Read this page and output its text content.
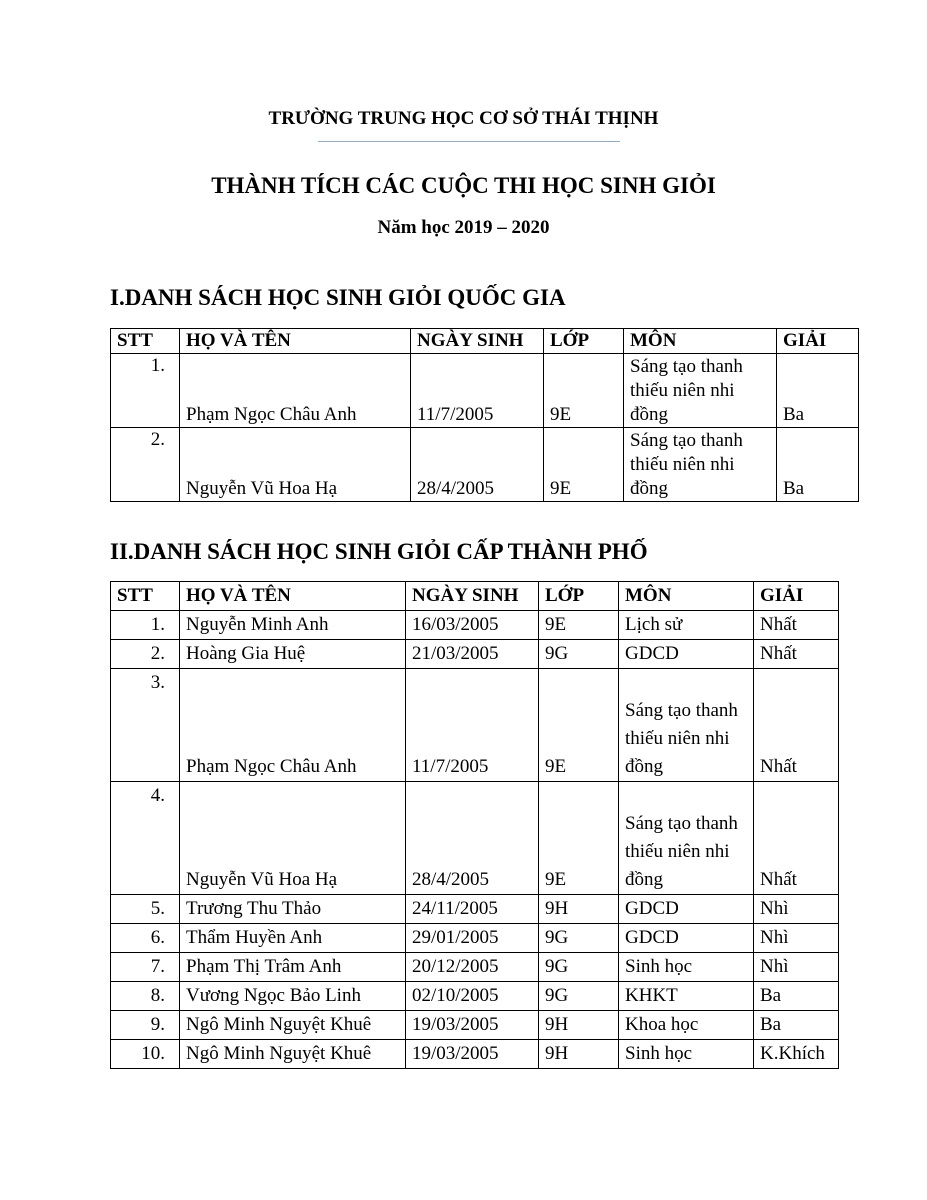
TRƯỜNG TRUNG HỌC CƠ SỞ THÁI THỊNH
THÀNH TÍCH CÁC CUỘC THI HỌC SINH GIỎI
Năm học 2019 – 2020
I.DANH SÁCH HỌC SINH GIỎI QUỐC GIA
STT	HỌ VÀ TÊN	NGÀY SINH	LỚP	MÔN	GIẢI
1.	Phạm Ngọc Châu Anh	11/7/2005	9E	Sáng tạo thanh thiếu niên nhi đồng	Ba
2.	Nguyễn Vũ Hoa Hạ	28/4/2005	9E	Sáng tạo thanh thiếu niên nhi đồng	Ba
II.DANH SÁCH HỌC SINH GIỎI CẤP THÀNH PHỐ
STT	HỌ VÀ TÊN	NGÀY SINH	LỚP	MÔN	GIẢI
1.	Nguyễn Minh Anh	16/03/2005	9E	Lịch sử	Nhất
2.	Hoàng Gia Huệ	21/03/2005	9G	GDCD	Nhất
3.	Phạm Ngọc Châu Anh	11/7/2005	9E	Sáng tạo thanh thiếu niên nhi đồng	Nhất
4.	Nguyễn Vũ Hoa Hạ	28/4/2005	9E	Sáng tạo thanh thiếu niên nhi đồng	Nhất
5.	Trương Thu Thảo	24/11/2005	9H	GDCD	Nhì
6.	Thẩm Huyền Anh	29/01/2005	9G	GDCD	Nhì
7.	Phạm Thị Trâm Anh	20/12/2005	9G	Sinh học	Nhì
8.	Vương Ngọc Bảo Linh	02/10/2005	9G	KHKT	Ba
9.	Ngô Minh Nguyệt Khuê	19/03/2005	9H	Khoa học	Ba
10.	Ngô Minh Nguyệt Khuê	19/03/2005	9H	Sinh học	K.Khích
